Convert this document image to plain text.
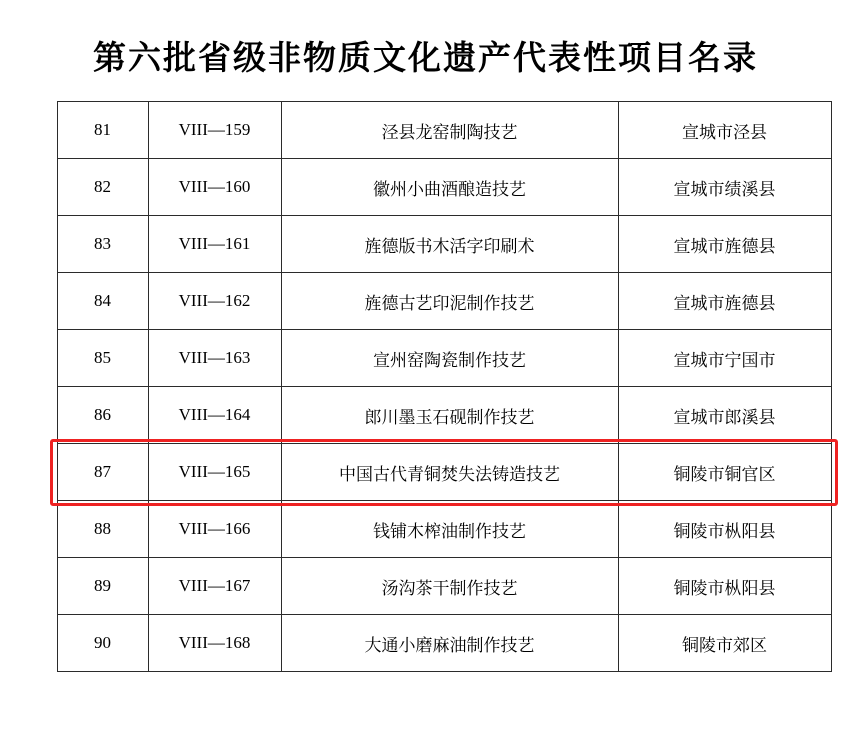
第六批省级非物质文化遗产代表性项目名录
81	VIII—159	泾县龙窑制陶技艺	宣城市泾县
82	VIII—160	徽州小曲酒酿造技艺	宣城市绩溪县
83	VIII—161	旌德版书木活字印刷术	宣城市旌德县
84	VIII—162	旌德古艺印泥制作技艺	宣城市旌德县
85	VIII—163	宣州窑陶瓷制作技艺	宣城市宁国市
86	VIII—164	郎川墨玉石砚制作技艺	宣城市郎溪县
87	VIII—165	中国古代青铜焚失法铸造技艺	铜陵市铜官区
88	VIII—166	钱铺木榨油制作技艺	铜陵市枞阳县
89	VIII—167	汤沟茶干制作技艺	铜陵市枞阳县
90	VIII—168	大通小磨麻油制作技艺	铜陵市郊区
